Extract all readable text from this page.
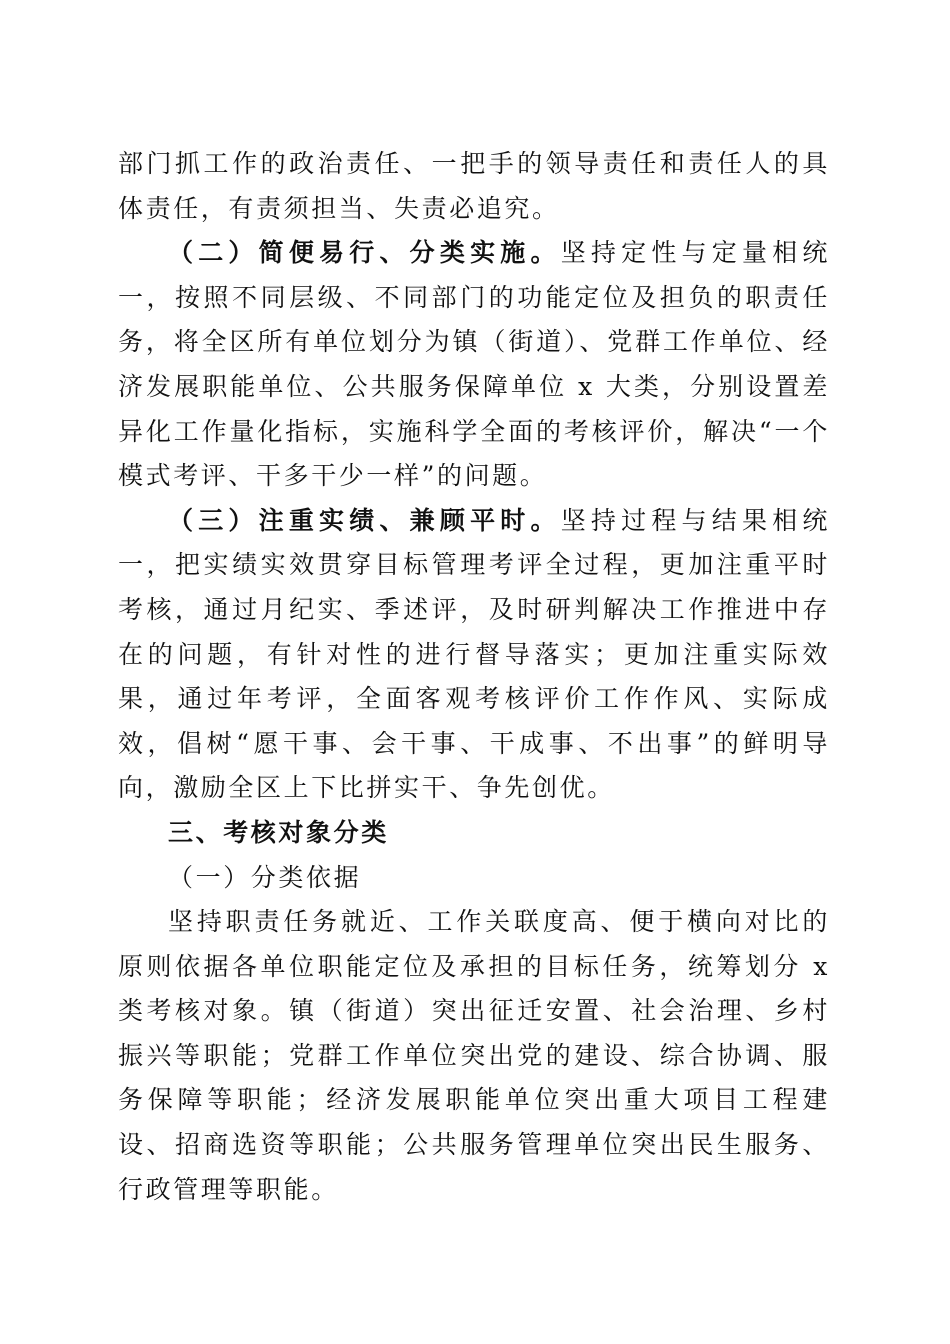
部门抓工作的政治责任、一把手的领导责任和责任人的具体责任，有责须担当、失责必追究。

（二）简便易行、分类实施。坚持定性与定量相统一，按照不同层级、不同部门的功能定位及担负的职责任务，将全区所有单位划分为镇（街道）、党群工作单位、经济发展职能单位、公共服务保障单位 x 大类，分别设置差异化工作量化指标，实施科学全面的考核评价，解决“一个模式考评、干多干少一样”的问题。

（三）注重实绩、兼顾平时。坚持过程与结果相统一，把实绩实效贯穿目标管理考评全过程，更加注重平时考核，通过月纪实、季述评，及时研判解决工作推进中存在的问题，有针对性的进行督导落实；更加注重实际效果，通过年考评，全面客观考核评价工作作风、实际成效，倡树“愿干事、会干事、干成事、不出事”的鲜明导向，激励全区上下比拼实干、争先创优。

三、考核对象分类

（一）分类依据

坚持职责任务就近、工作关联度高、便于横向对比的原则依据各单位职能定位及承担的目标任务，统筹划分 x 类考核对象。镇（街道）突出征迁安置、社会治理、乡村振兴等职能；党群工作单位突出党的建设、综合协调、服务保障等职能；经济发展职能单位突出重大项目工程建设、招商选资等职能；公共服务管理单位突出民生服务、行政管理等职能。
